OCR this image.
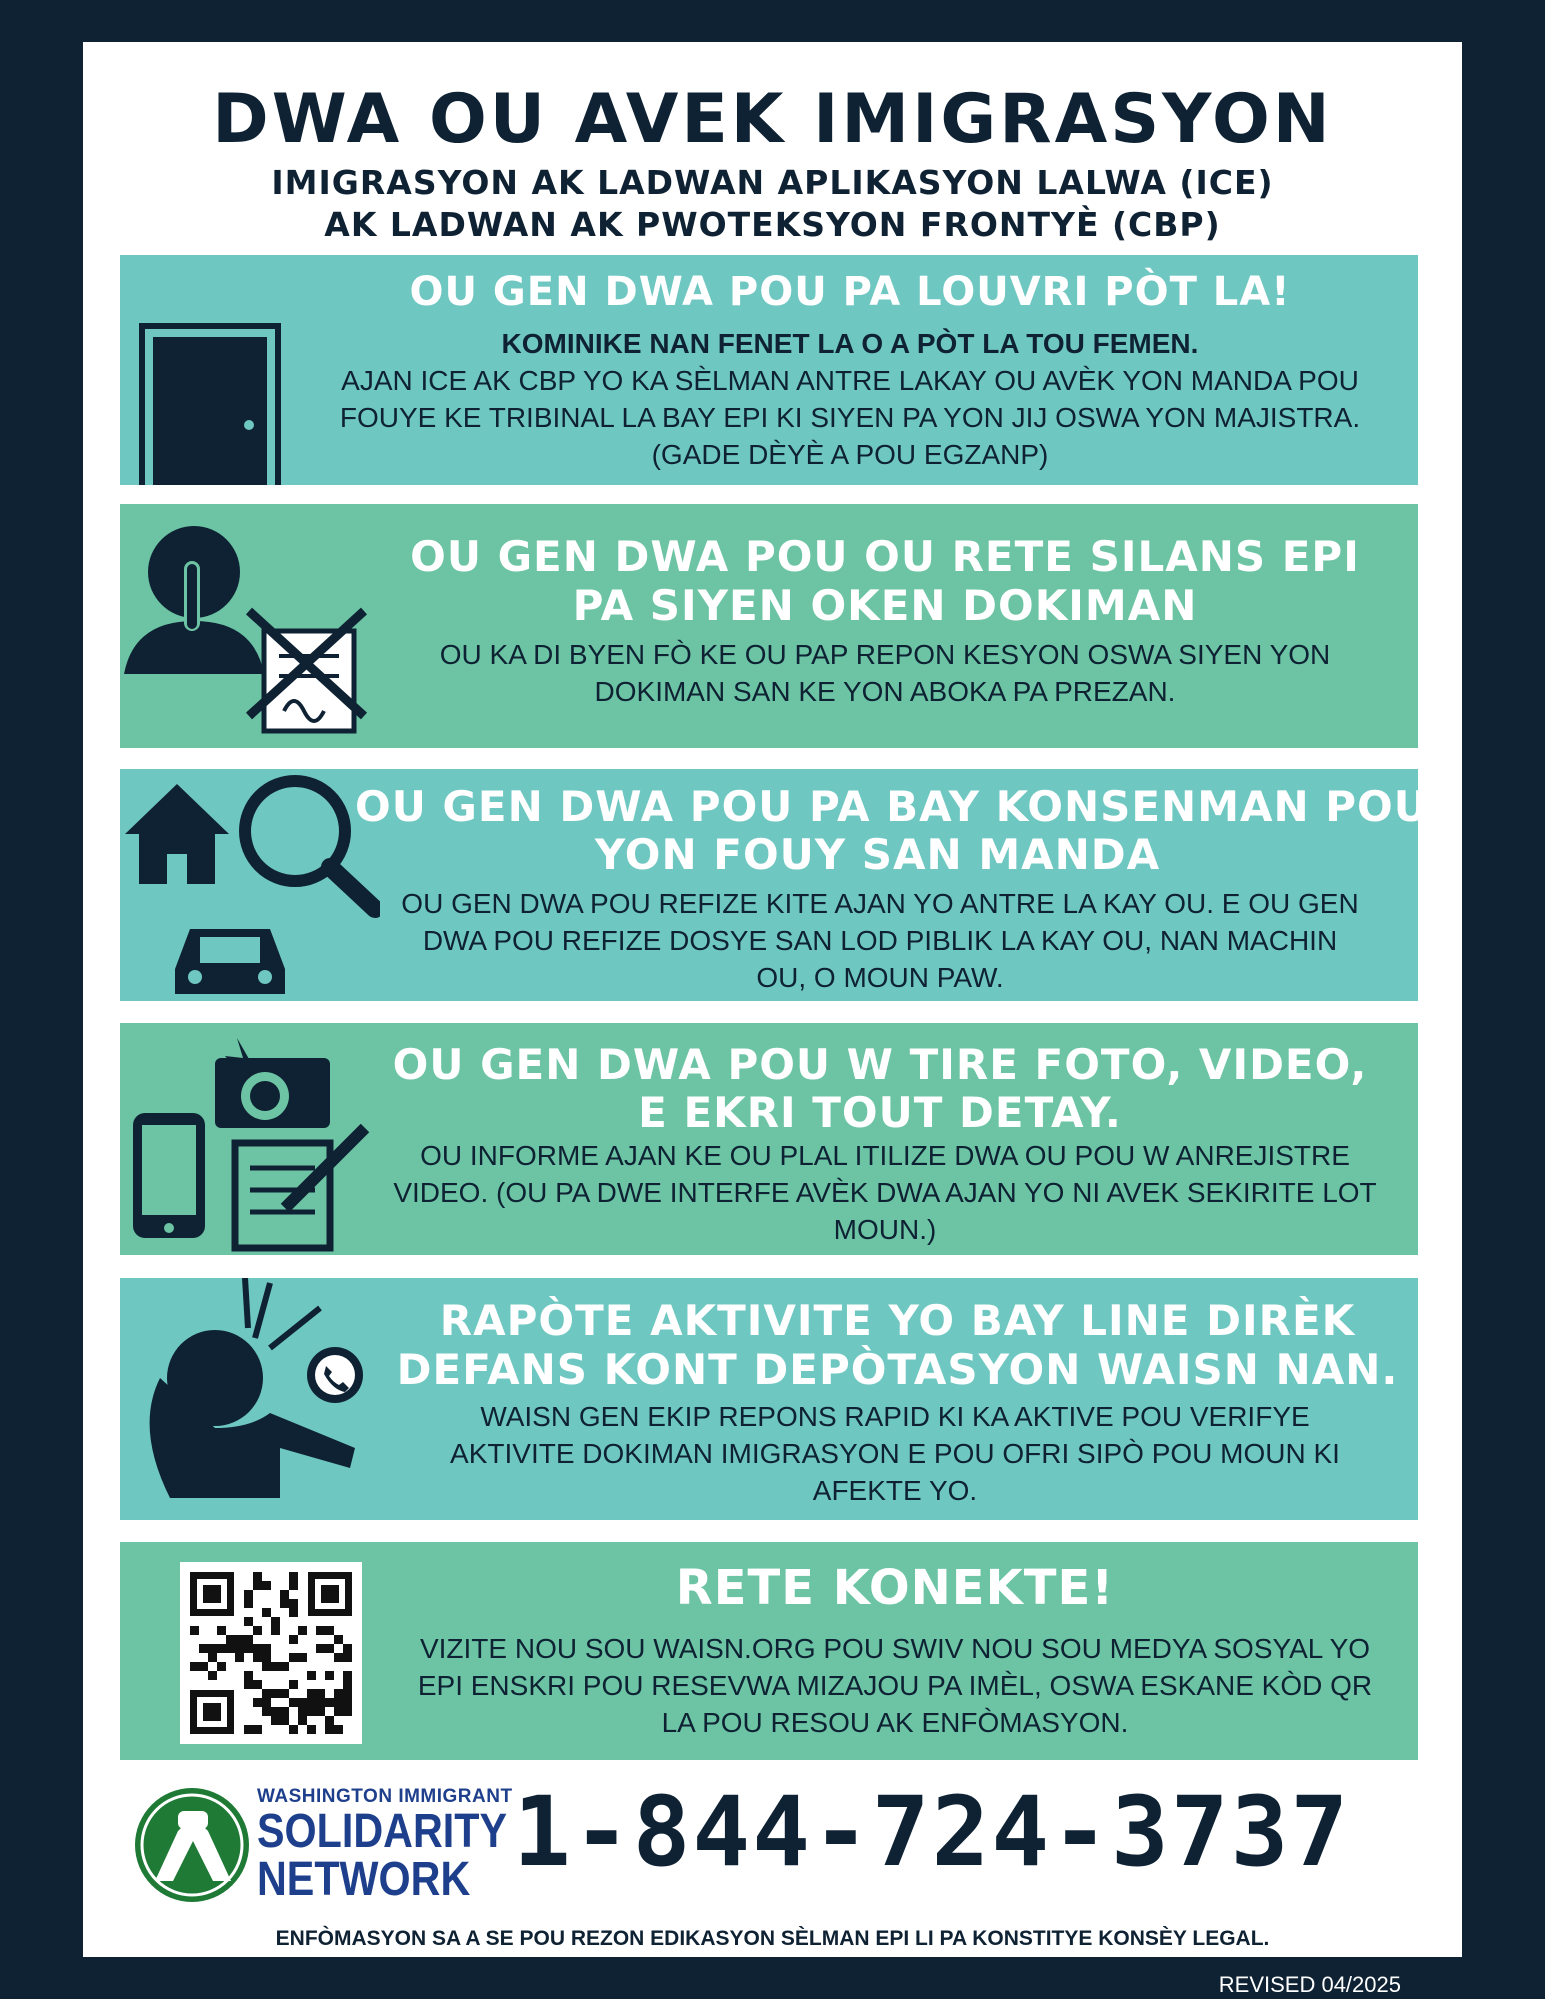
DWA OU AVEK IMIGRASYON
IMIGRASYON AK LADWAN APLIKASYON LALWA (ICE)
AK LADWAN AK PWOTEKSYON FRONTYÈ (CBP)
OU GEN DWA POU PA LOUVRI PÒT LA!
KOMINIKE NAN FENET LA O A PÒT LA TOU FEMEN.
AJAN ICE AK CBP YO KA SÈLMAN ANTRE LAKAY OU AVÈK YON MANDA POU
FOUYE KE TRIBINAL LA BAY EPI KI SIYEN PA YON JIJ OSWA YON MAJISTRA.
(GADE DÈYÈ A POU EGZANP)
OU GEN DWA POU OU RETE SILANS EPI
PA SIYEN OKEN DOKIMAN
OU KA DI BYEN FÒ KE OU PAP REPON KESYON OSWA SIYEN YON
DOKIMAN SAN KE YON ABOKA PA PREZAN.
OU GEN DWA POU PA BAY KONSENMAN POU
YON FOUY SAN MANDA
OU GEN DWA POU REFIZE KITE AJAN YO ANTRE LA KAY OU. E OU GEN
DWA POU REFIZE DOSYE SAN LOD PIBLIK LA KAY OU, NAN MACHIN
OU, O MOUN PAW.
OU GEN DWA POU W TIRE FOTO, VIDEO,
E EKRI TOUT DETAY.
OU INFORME AJAN KE OU PLAL ITILIZE DWA OU POU W ANREJISTRE
VIDEO. (OU PA DWE INTERFE AVÈK DWA AJAN YO NI AVEK SEKIRITE LOT
MOUN.)
RAPÒTE AKTIVITE YO BAY LINE DIRÈK
DEFANS KONT DEPÒTASYON WAISN NAN.
WAISN GEN EKIP REPONS RAPID KI KA AKTIVE POU VERIFYE
AKTIVITE DOKIMAN IMIGRASYON E POU OFRI SIPÒ POU MOUN KI
AFEKTE YO.
RETE KONEKTE!
VIZITE NOU SOU WAISN.ORG POU SWIV NOU SOU MEDYA SOSYAL YO
EPI ENSKRI POU RESEVWA MIZAJOU PA IMÈL, OSWA ESKANE KÒD QR
LA POU RESOU AK ENFÒMASYON.
WASHINGTON IMMIGRANT
SOLIDARITY
NETWORK 1-844-724-3737
ENFÒMASYON SA A SE POU REZON EDIKASYON SÈLMAN EPI LI PA KONSTITYE KONSÈY LEGAL.
REVISED 04/2025
